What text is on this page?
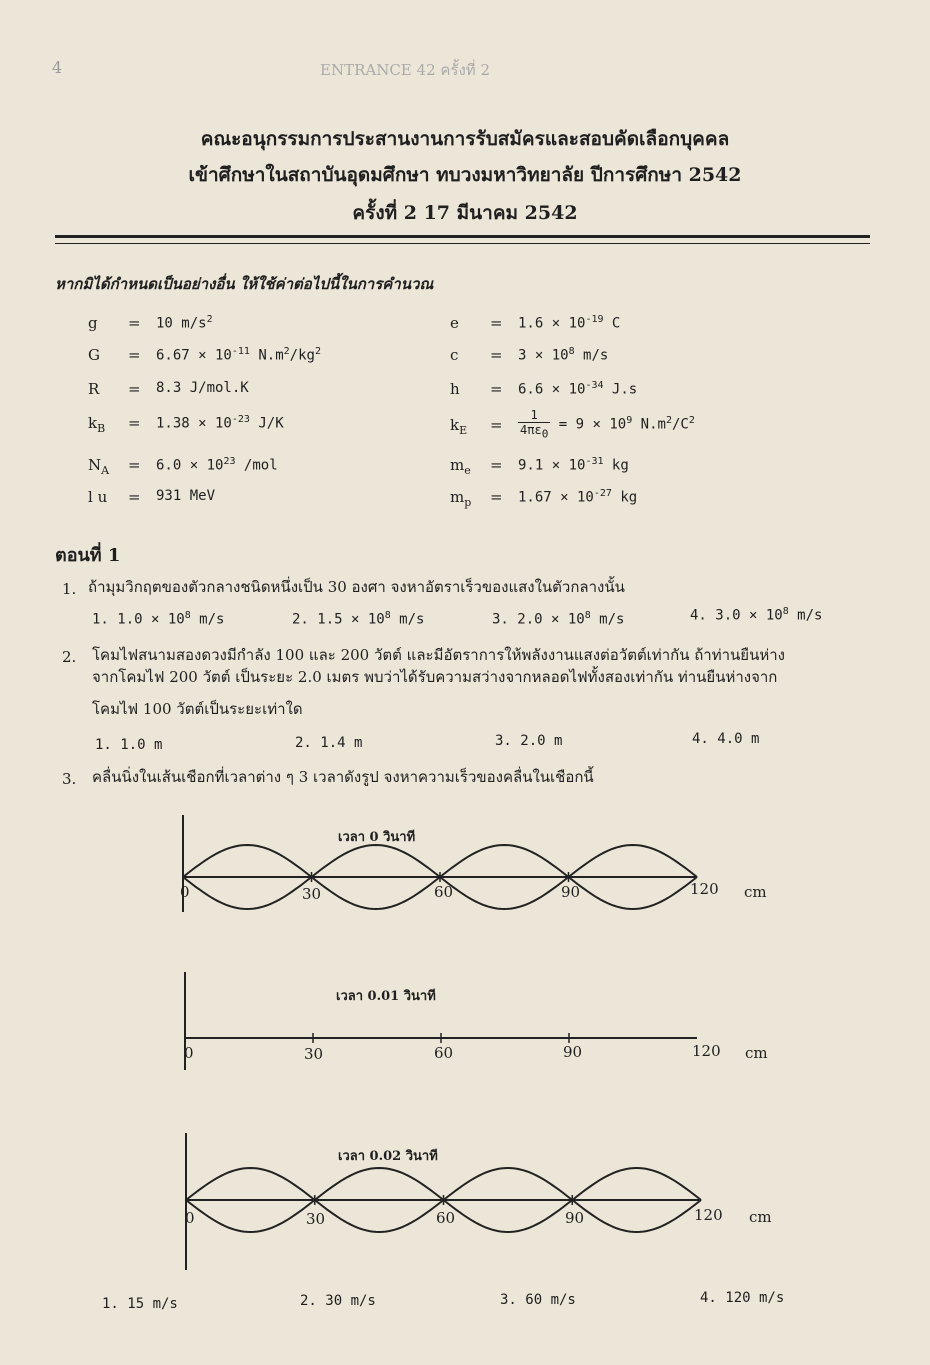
4	ENTRANCE 42 ครั้งที่ 2
คณะอนุกรรมการประสานงานการรับสมัครและสอบคัดเลือกบุคคล
เข้าศึกษาในสถาบันอุดมศึกษา ทบวงมหาวิทยาลัย ปีการศึกษา 2542
ครั้งที่ 2 17 มีนาคม 2542
หากมิได้กำหนดเป็นอย่างอื่น ให้ใช้ค่าต่อไปนี้ในการคำนวณ
g = 10 $m/s^2$
$G = 6.67 \times 10^{-11}$ $N.m^2/kg^2$
R = 8.3 J/mol.K
$k_B = 1.38 \times 10^{-23}$ J/K
$N_A = 6.0 \times 10^{23}$ /mol
l u = 931 MeV
$e = 1.6 \times 10^{-19}$ C
$c = 3 \times 10^8$ m/s
$h = 6.6 \times 10^{-34}$ J.s
$k_E = \frac{1}{4\pi\varepsilon_0} = 9 \times 10^9$ $N.m^2/C^2$
$m_e = 9.1 \times 10^{-31}$ kg
$m_p = 1.67 \times 10^{-27}$ kg
ตอนที่ 1
1. ถ้ามุมวิกฤตของตัวกลางชนิดหนึ่งเป็น 30 องศา จงหาอัตราเร็วของแสงในตัวกลางนั้น
1. $1.0 \times 10^8$ m/s	2. $1.5 \times 10^8$ m/s	3. $2.0 \times 10^8$ m/s	4. $3.0 \times 10^8$ m/s
2. โคมไฟสนามสองดวงมีกำลัง 100 และ 200 วัตต์ และมีอัตราการให้พลังงานแสงต่อวัตต์เท่ากัน ถ้าท่านยืนห่าง
จากโคมไฟ 200 วัตต์ เป็นระยะ 2.0 เมตร พบว่าได้รับความสว่างจากหลอดไฟทั้งสองเท่ากัน ท่านยืนห่างจาก
โคมไฟ 100 วัตต์เป็นระยะเท่าใด
1. 1.0 m	2. 1.4 m	3. 2.0 m	4. 4.0 m
3. คลื่นนิ่งในเส้นเชือกที่เวลาต่าง ๆ 3 เวลาดังรูป จงหาความเร็วของคลื่นในเชือกนี้
เวลา 0 วินาที
เวลา 0.01 วินาที
เวลา 0.02 วินาที
0	30	60	90	120 cm
0	30	60	90	120 cm
0	30	60	90	120 cm
1. 15 m/s	2. 30 m/s	3. 60 m/s	4. 120 m/s
